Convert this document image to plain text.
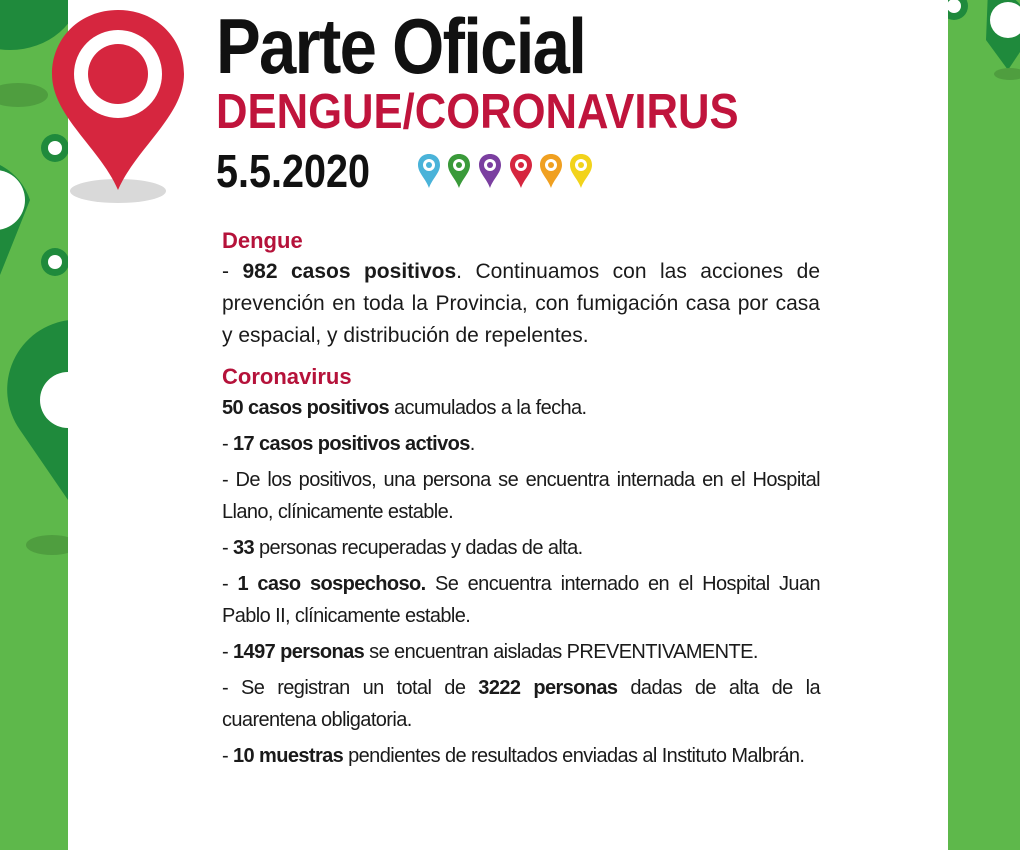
Parte Oficial
DENGUE/CORONAVIRUS
5.5.2020
Dengue

- 982 casos positivos. Continuamos con las acciones de prevención en toda la Provincia, con fumigación casa por casa y espacial, y distribución de repelentes.

Coronavirus

50 casos positivos acumulados a la fecha.

- 17 casos positivos activos.

- De los positivos, una persona se encuentra internada en el Hospital Llano, clínicamente estable.

- 33 personas recuperadas y dadas de alta.

- 1 caso sospechoso. Se encuentra internado en el Hospital Juan Pablo II, clínicamente estable.

- 1497 personas se encuentran aisladas PREVENTIVAMENTE.

- Se registran un total de 3222 personas dadas de alta de la cuarentena obligatoria.

- 10 muestras pendientes de resultados enviadas al Instituto Malbrán.
